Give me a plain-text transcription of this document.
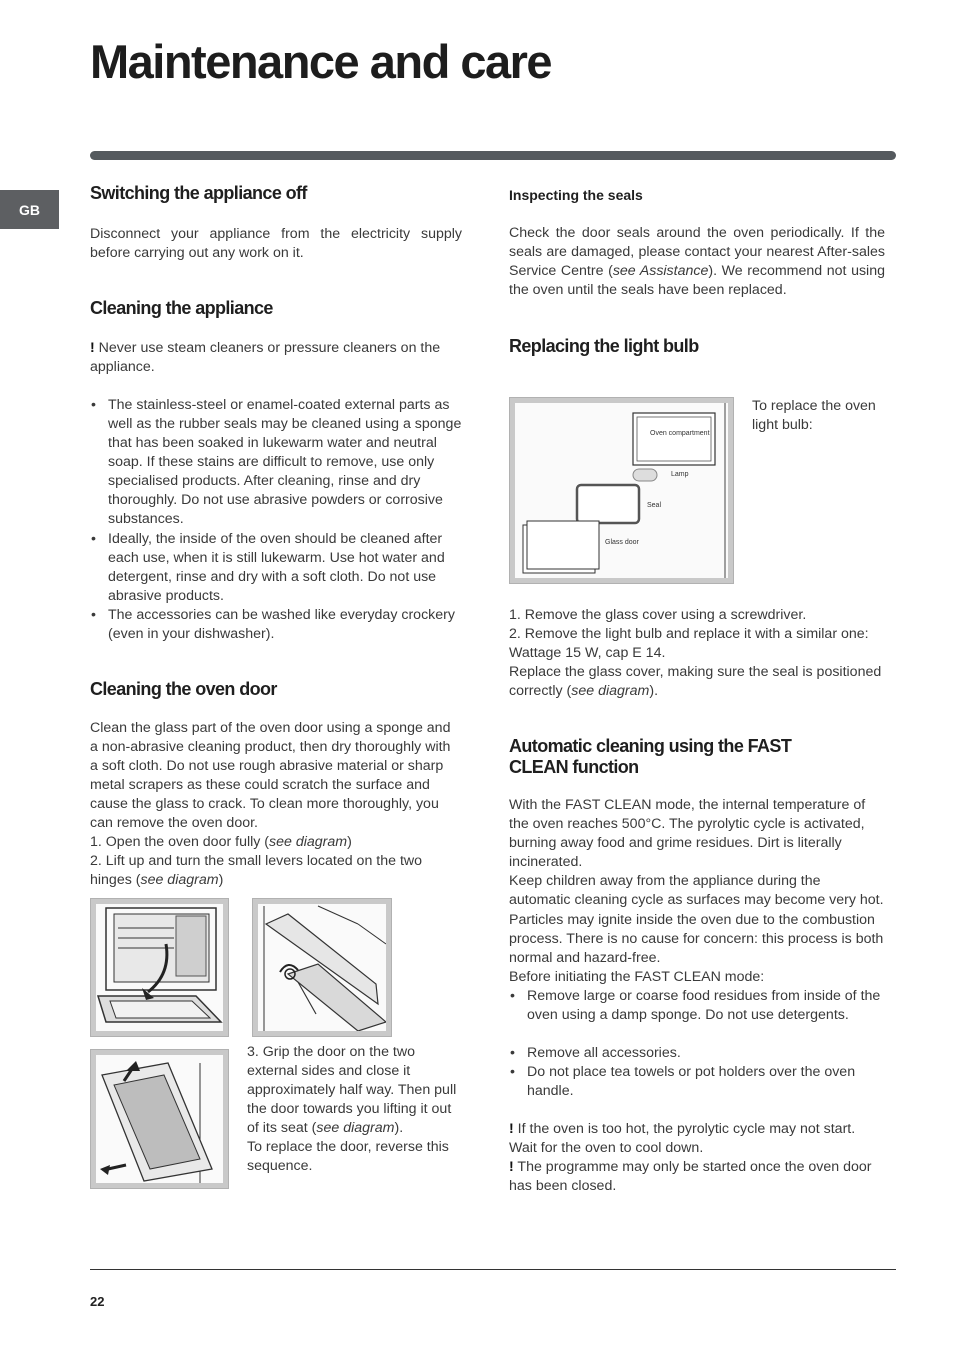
Maintenance and care
GB
Switching the appliance off

Disconnect your appliance from the electricity supply before carrying out any work on it.

Cleaning the appliance

! Never use steam cleaners or pressure cleaners on the appliance.

• The stainless-steel or enamel-coated external parts as well as the rubber seals may be cleaned using a sponge that has been soaked in lukewarm water and neutral soap. If these stains are difficult to remove, use only specialised products. After cleaning, rinse and dry thoroughly. Do not use abrasive powders or corrosive substances.
• Ideally, the inside of the oven should be cleaned after each use, when it is still lukewarm. Use hot water and detergent, rinse and dry with a soft cloth. Do not use abrasive products.
• The accessories can be washed like everyday crockery (even in your dishwasher).
Cleaning the oven door

Clean the glass part of the oven door using a sponge and a non-abrasive cleaning product, then dry thoroughly with a soft cloth. Do not use rough abrasive material or sharp metal scrapers as these could scratch the surface and cause the glass to crack. To clean more thoroughly, you can remove the oven door.

1. Open the oven door fully (see diagram)

2. Lift up and turn the small levers located on the two hinges (see diagram)

3. Grip the door on the two external sides and close it approximately half way. Then pull the door towards you lifting it out of its seat (see diagram).

To replace the door, reverse this sequence.

Inspecting the seals

Check the door seals around the oven periodically. If the seals are damaged, please contact your nearest After-sales Service Centre (see Assistance). We recommend not using the oven until the seals have been replaced.

Replacing the light bulb
Oven compartment
Lamp
Seal
Glass door

To replace the oven light bulb:

1. Remove the glass cover using a screwdriver.

2. Remove the light bulb and replace it with a similar one: Wattage 15 W, cap E 14.

Replace the glass cover, making sure the seal is positioned correctly (see diagram).

Automatic cleaning using the FAST CLEAN function

With the FAST CLEAN mode, the internal temperature of the oven reaches 500°C. The pyrolytic cycle is activated, burning away food and grime residues. Dirt is literally incinerated.

Keep children away from the appliance during the automatic cleaning cycle as surfaces may become very hot. Particles may ignite inside the oven due to the combustion process. There is no cause for concern: this process is both normal and hazard-free.

Before initiating the FAST CLEAN mode:

• Remove large or coarse food residues from inside of the oven using a damp sponge. Do not use detergents.
• Remove all accessories.
• Do not place tea towels or pot holders over the oven handle.

! If the oven is too hot, the pyrolytic cycle may not start. Wait for the oven to cool down.

! The programme may only be started once the oven door has been closed.

22
